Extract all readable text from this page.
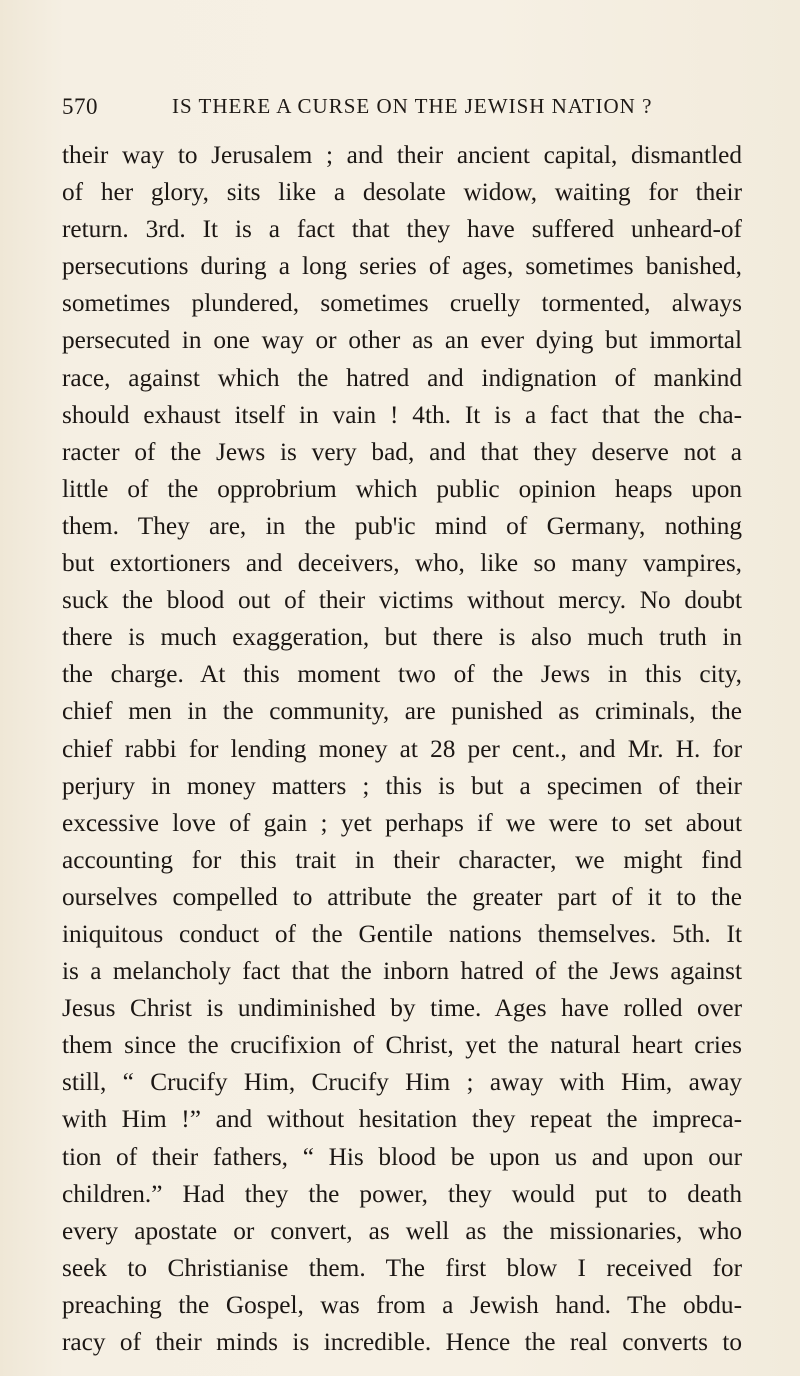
570	IS THERE A CURSE ON THE JEWISH NATION ?
their way to Jerusalem ; and their ancient capital, dismantled
of her glory, sits like a desolate widow, waiting for their
return. 3rd. It is a fact that they have suffered unheard-of
persecutions during a long series of ages, sometimes banished,
sometimes plundered, sometimes cruelly tormented, always
persecuted in one way or other as an ever dying but immortal
race, against which the hatred and indignation of mankind
should exhaust itself in vain ! 4th. It is a fact that the cha-
racter of the Jews is very bad, and that they deserve not a
little of the opprobrium which public opinion heaps upon
them. They are, in the pubꞌic mind of Germany, nothing
but extortioners and deceivers, who, like so many vampires,
suck the blood out of their victims without mercy. No doubt
there is much exaggeration, but there is also much truth in
the charge. At this moment two of the Jews in this city,
chief men in the community, are punished as criminals, the
chief rabbi for lending money at 28 per cent., and Mr. H. for
perjury in money matters ; this is but a specimen of their
excessive love of gain ; yet perhaps if we were to set about
accounting for this trait in their character, we might find
ourselves compelled to attribute the greater part of it to the
iniquitous conduct of the Gentile nations themselves. 5th. It
is a melancholy fact that the inborn hatred of the Jews against
Jesus Christ is undiminished by time. Ages have rolled over
them since the crucifixion of Christ, yet the natural heart cries
still, “ Crucify Him, Crucify Him ; away with Him, away
with Him !” and without hesitation they repeat the impreca-
tion of their fathers, “ His blood be upon us and upon our
children.” Had they the power, they would put to death
every apostate or convert, as well as the missionaries, who
seek to Christianise them. The first blow I received for
preaching the Gospel, was from a Jewish hand. The obdu-
racy of their minds is incredible. Hence the real converts to
